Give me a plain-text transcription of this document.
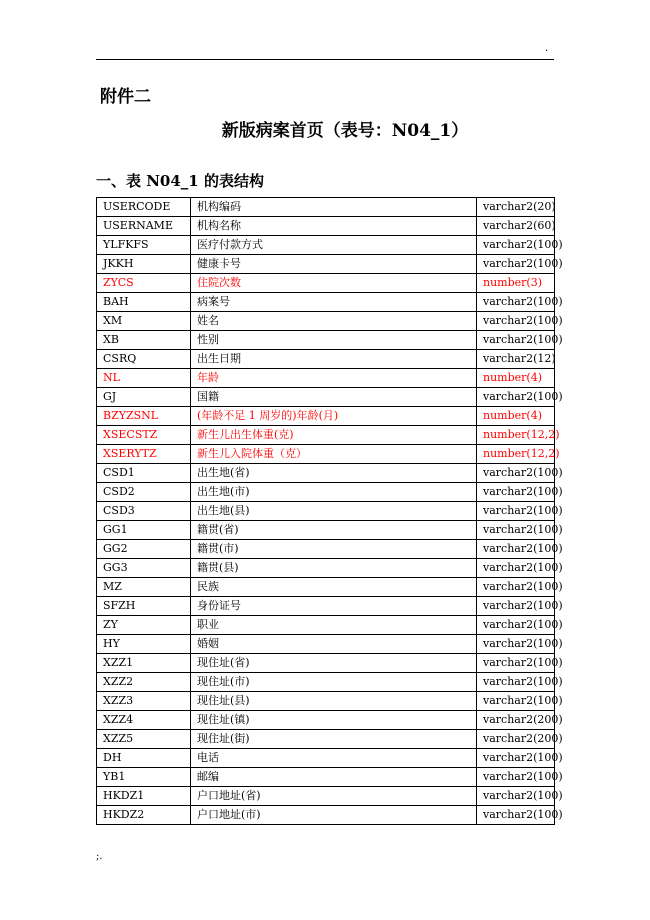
.
附件二
新版病案首页（表号：N04_1）
一、表 N04_1 的表结构
USERCODE	机构编码	varchar2(20)
USERNAME	机构名称	varchar2(60)
YLFKFS	医疗付款方式	varchar2(100)
JKKH	健康卡号	varchar2(100)
ZYCS	住院次数	number(3)
BAH	病案号	varchar2(100)
XM	姓名	varchar2(100)
XB	性别	varchar2(100)
CSRQ	出生日期	varchar2(12)
NL	年龄	number(4)
GJ	国籍	varchar2(100)
BZYZSNL	(年龄不足 1 周岁的)年龄(月)	number(4)
XSECSTZ	新生儿出生体重(克)	number(12,2)
XSERYTZ	新生儿入院体重（克）	number(12,2)
CSD1	出生地(省)	varchar2(100)
CSD2	出生地(市)	varchar2(100)
CSD3	出生地(县)	varchar2(100)
GG1	籍贯(省)	varchar2(100)
GG2	籍贯(市)	varchar2(100)
GG3	籍贯(县)	varchar2(100)
MZ	民族	varchar2(100)
SFZH	身份证号	varchar2(100)
ZY	职业	varchar2(100)
HY	婚姻	varchar2(100)
XZZ1	现住址(省)	varchar2(100)
XZZ2	现住址(市)	varchar2(100)
XZZ3	现住址(县)	varchar2(100)
XZZ4	现住址(镇)	varchar2(200)
XZZ5	现住址(街)	varchar2(200)
DH	电话	varchar2(100)
YB1	邮编	varchar2(100)
HKDZ1	户口地址(省)	varchar2(100)
HKDZ2	户口地址(市)	varchar2(100)
;.
